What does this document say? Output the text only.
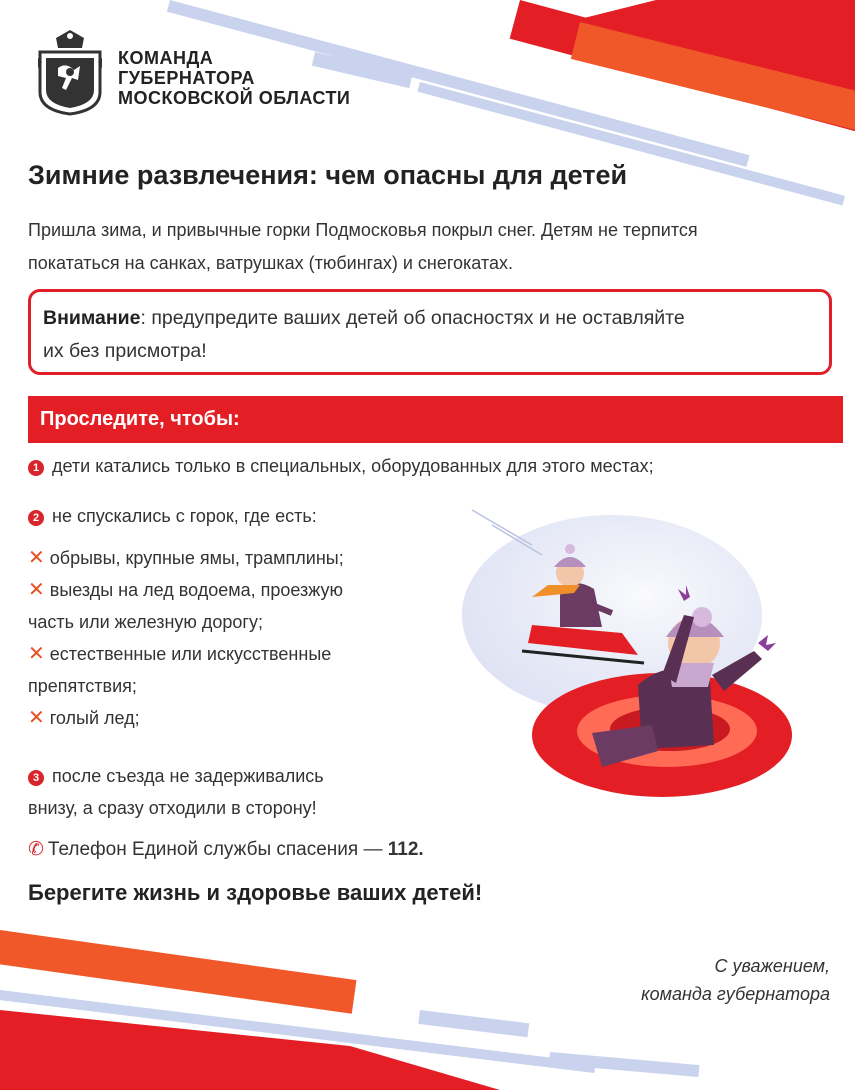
КОМАНДА
ГУБЕРНАТОРА
МОСКОВСКОЙ ОБЛАСТИ
Зимние развлечения: чем опасны для детей
Пришла зима, и привычные горки Подмосковья покрыл снег. Детям не терпится
покататься на санках, ватрушках (тюбингах) и снегокатах.
Внимание: предупредите ваших детей об опасностях и не оставляйте
их без присмотра!
Проследите, чтобы:
1 дети катались только в специальных, оборудованных для этого местах;
2 не спускались с горок, где есть:
✕ обрывы, крупные ямы, трамплины;
✕ выезды на лед водоема, проезжую
часть или железную дорогу;
✕ естественные или искусственные
препятствия;
✕ голый лед;
3 после съезда не задерживались
внизу, а сразу отходили в сторону!
✆ Телефон Единой службы спасения — 112.
Берегите жизнь и здоровье ваших детей!
С уважением,
команда губернатора
